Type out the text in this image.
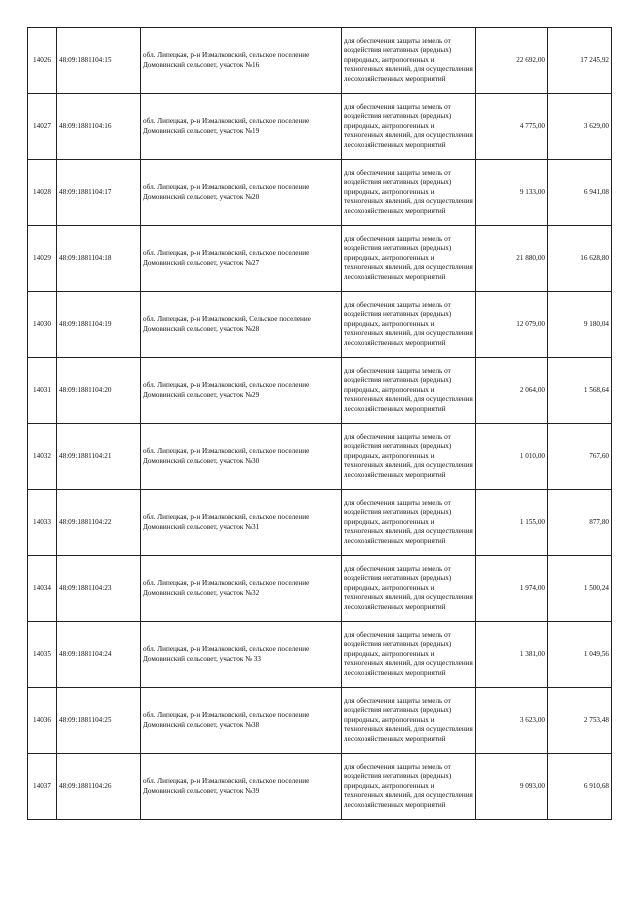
14026	48:09:1881104:15	обл. Липецкая, р-н Измалковский, сельское поселение Домовинский сельсовет, участок №16	для обеспечения защиты земель от воздействия негативных (вредных) природных, антропогенных и техногенных явлений, для осуществления лесохозяйственных мероприятий	22 692,00	17 245,92
14027	48:09:1881104:16	обл. Липецкая, р-н Измалковский, сельское поселение Домовинский сельсовет, участок №19	для обеспечения защиты земель от воздействия негативных (вредных) природных, антропогенных и техногенных явлений, для осуществления лесохозяйственных мероприятий	4 775,00	3 629,00
14028	48:09:1881104:17	обл. Липецкая, р-н Измалковский, сельское поселение Домовинский сельсовет, участок №20	для обеспечения защиты земель от воздействия негативных (вредных) природных, антропогенных и техногенных явлений, для осуществления лесохозяйственных мероприятий	9 133,00	6 941,08
14029	48:09:1881104:18	обл. Липецкая, р-н Измалковский, сельское поселение Домовинский сельсовет, участок №27	для обеспечения защиты земель от воздействия негативных (вредных) природных, антропогенных и техногенных явлений, для осуществления лесохозяйственных мероприятий	21 880,00	16 628,80
14030	48:09:1881104:19	обл. Липецкая, р-н Измалковский, Сельское поселение Домовинский сельсовет, участок №28	для обеспечения защиты земель от воздействия негативных (вредных) природных, антропогенных и техногенных явлений, для осуществления лесохозяйственных мероприятий	12 079,00	9 180,04
14031	48:09:1881104:20	обл. Липецкая, р-н Измалковский, сельское поселение Домовинский сельсовет, участок №29	для обеспечения защиты земель от воздействия негативных (вредных) природных, антропогенных и техногенных явлений, для осуществления лесохозяйственных мероприятий	2 064,00	1 568,64
14032	48:09:1881104:21	обл. Липецкая, р-н Измалковский, сельское поселение Домовинский сельсовет, участок №30	для обеспечения защиты земель от воздействия негативных (вредных) природных, антропогенных и техногенных явлений, для осуществления лесохозяйственных мероприятий	1 010,00	767,60
14033	48:09:1881104:22	обл. Липецкая, р-н Измалковский, сельское поселение Домовинский сельсовет, участок №31	для обеспечения защиты земель от воздействия негативных (вредных) природных, антропогенных и техногенных явлений, для осуществления лесохозяйственных мероприятий	1 155,00	877,80
14034	48:09:1881104:23	обл. Липецкая, р-н Измалковский, сельское поселение Домовинский сельсовет, участок №32	для обеспечения защиты земель от воздействия негативных (вредных) природных, антропогенных и техногенных явлений, для осуществления лесохозяйственных мероприятий	1 974,00	1 500,24
14035	48:09:1881104:24	обл. Липецкая, р-н Измалковский, сельское поселение Домовинский сельсовет, участок № 33	для обеспечения защиты земель от воздействия негативных (вредных) природных, антропогенных и техногенных явлений, для осуществления лесохозяйственных мероприятий	1 381,00	1 049,56
14036	48:09:1881104:25	обл. Липецкая, р-н Измалковский, сельское поселение Домовинский сельсовет, участок №38	для обеспечения защиты земель от воздействия негативных (вредных) природных, антропогенных и техногенных явлений, для осуществления лесохозяйственных мероприятий	3 623,00	2 753,48
14037	48:09:1881104:26	обл. Липецкая, р-н Измалковский, сельское поселение Домовинский сельсовет, участок №39	для обеспечения защиты земель от воздействия негативных (вредных) природных, антропогенных и техногенных явлений, для осуществления лесохозяйственных мероприятий	9 093,00	6 910,68
